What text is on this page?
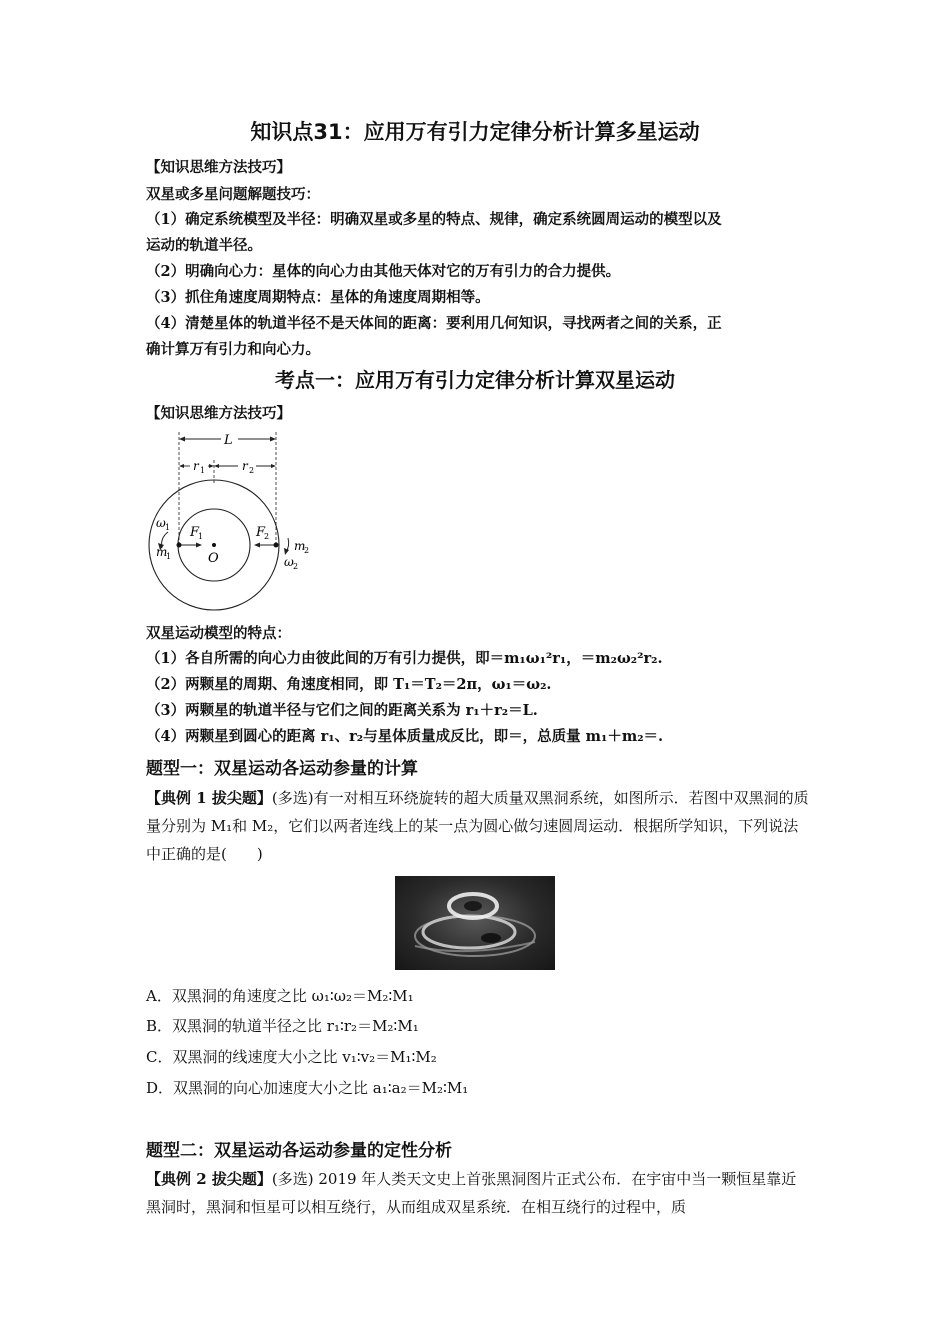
知识点31：应用万有引力定律分析计算多星运动
【知识思维方法技巧】
双星或多星问题解题技巧：
（1）确定系统模型及半径：明确双星或多星的特点、规律，确定系统圆周运动的模型以及
运动的轨道半径。
（2）明确向心力：星体的向心力由其他天体对它的万有引力的合力提供。
（3）抓住角速度周期特点：星体的角速度周期相等。
（4）清楚星体的轨道半径不是天体间的距离：要利用几何知识，寻找两者之间的关系，正
确计算万有引力和向心力。
考点一：应用万有引力定律分析计算双星运动
【知识思维方法技巧】
L
r 1	r 2
F
1	F
2
O
ω 1
m
1
m
2
ω 2
双星运动模型的特点：
（1）各自所需的向心力由彼此间的万有引力提供，即＝m₁ω₁²r₁，＝m₂ω₂²r₂.
（2）两颗星的周期、角速度相同，即 T₁＝T₂＝2π，ω₁＝ω₂.
（3）两颗星的轨道半径与它们之间的距离关系为 r₁＋r₂＝L.
（4）两颗星到圆心的距离 r₁、r₂与星体质量成反比，即＝，总质量 m₁＋m₂＝.
题型一：双星运动各运动参量的计算
【典例 1 拔尖题】(多选)有一对相互环绕旋转的超大质量双黑洞系统，如图所示．若图中双黑洞的质量分别为 M₁和 M₂，它们以两者连线上的某一点为圆心做匀速圆周运动．根据所学知识，下列说法中正确的是(　　)
A．双黑洞的角速度之比 ω₁∶ω₂＝M₂∶M₁
B．双黑洞的轨道半径之比 r₁∶r₂＝M₂∶M₁
C．双黑洞的线速度大小之比 v₁∶v₂＝M₁∶M₂
D．双黑洞的向心加速度大小之比 a₁∶a₂＝M₂∶M₁
题型二：双星运动各运动参量的定性分析
【典例 2 拔尖题】(多选) 2019 年人类天文史上首张黑洞图片正式公布．在宇宙中当一颗恒星靠近黑洞时，黑洞和恒星可以相互绕行，从而组成双星系统．在相互绕行的过程中，质
